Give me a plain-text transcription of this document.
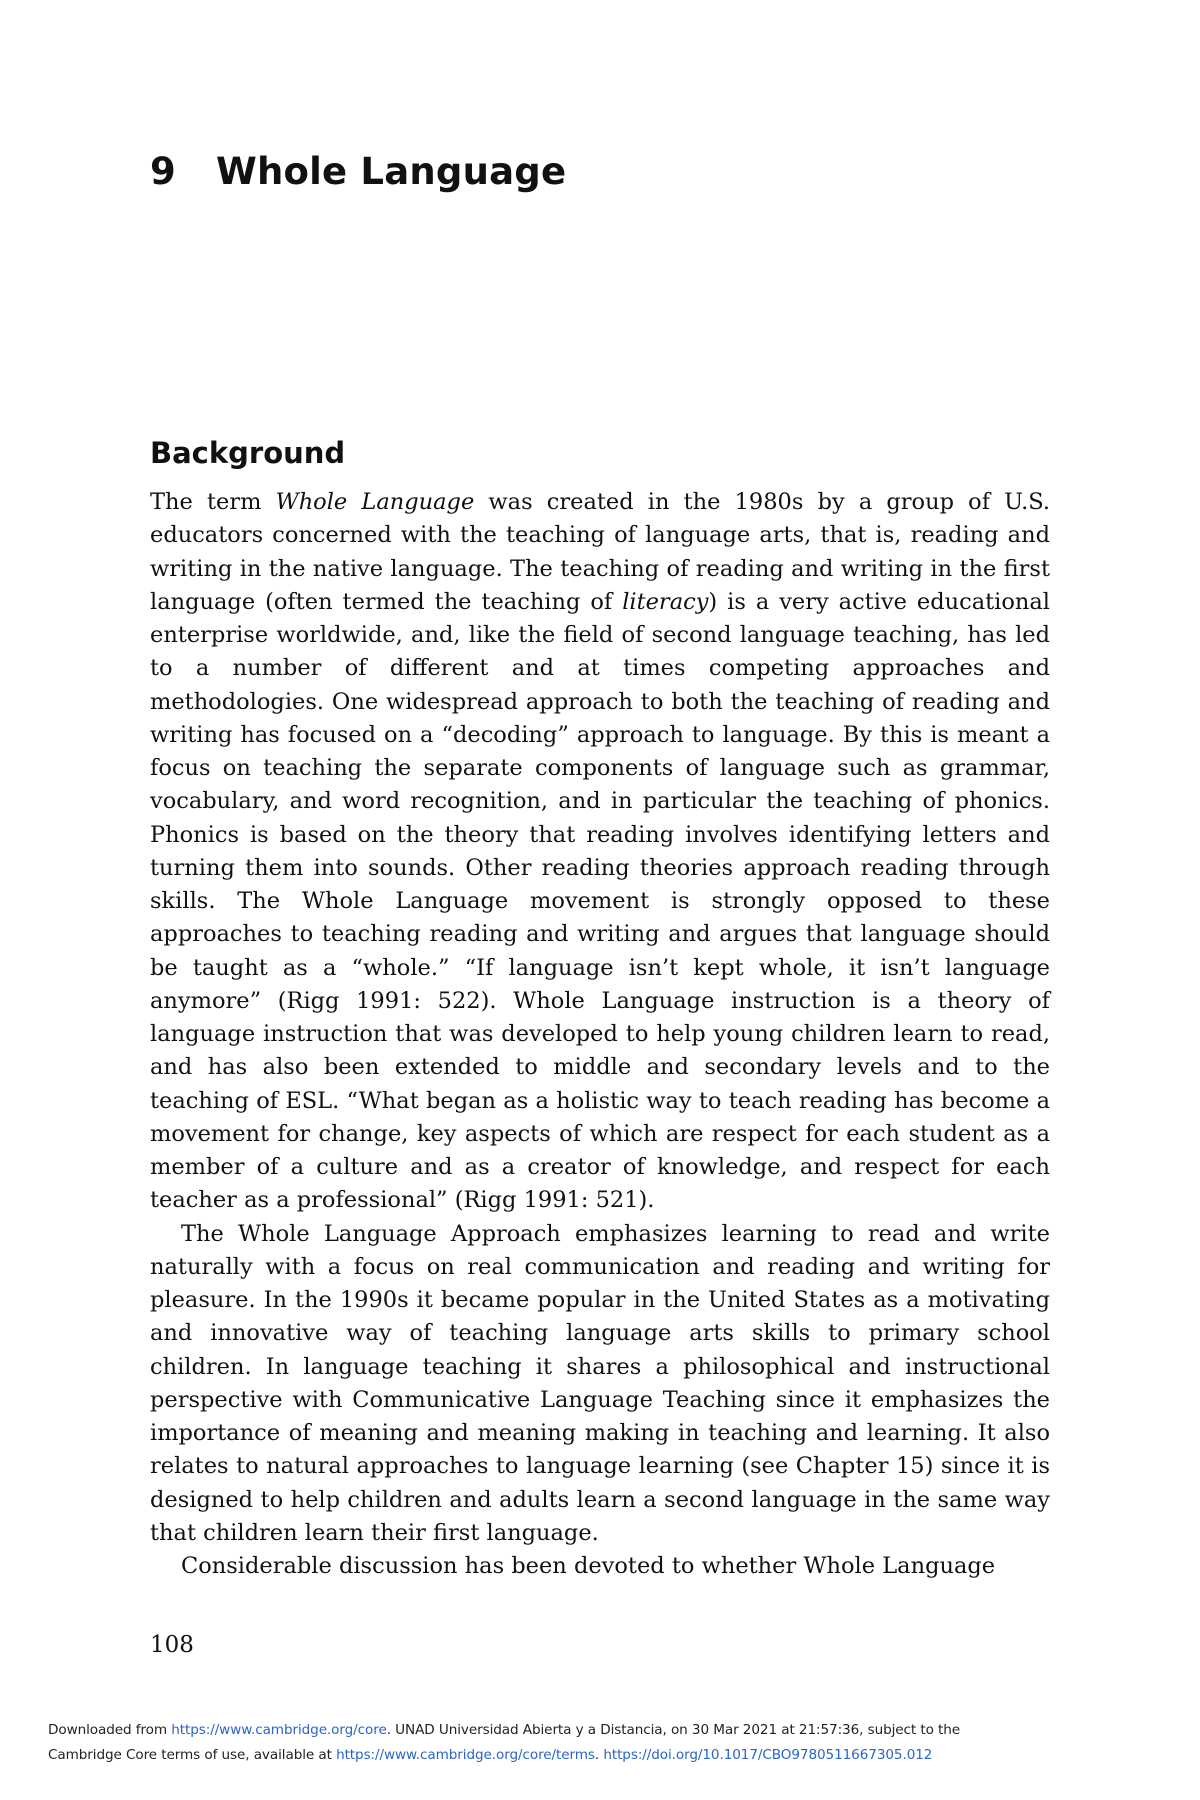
9 Whole Language
Background

The term Whole Language was created in the 1980s by a group of U.S. educators concerned with the teaching of language arts, that is, reading and writing in the native language. The teaching of reading and writing in the first language (often termed the teaching of literacy) is a very active educational enterprise worldwide, and, like the field of second language teaching, has led to a number of different and at times competing approaches and methodologies. One widespread approach to both the teaching of reading and writing has focused on a “decoding” approach to language. By this is meant a focus on teaching the separate components of language such as grammar, vocabulary, and word recognition, and in particular the teaching of phonics. Phonics is based on the theory that reading involves identifying letters and turning them into sounds. Other reading theories approach reading through skills. The Whole Language movement is strongly opposed to these approaches to teaching reading and writing and argues that language should be taught as a “whole.” “If language isn’t kept whole, it isn’t language anymore” (Rigg 1991: 522). Whole Language instruction is a theory of language instruction that was developed to help young children learn to read, and has also been extended to middle and secondary levels and to the teaching of ESL. “What began as a holistic way to teach reading has become a movement for change, key aspects of which are respect for each student as a member of a culture and as a creator of knowledge, and respect for each teacher as a professional” (Rigg 1991: 521).

The Whole Language Approach emphasizes learning to read and write naturally with a focus on real communication and reading and writing for pleasure. In the 1990s it became popular in the United States as a motivating and innovative way of teaching language arts skills to primary school children. In language teaching it shares a philosophical and instructional perspective with Communicative Language Teaching since it emphasizes the importance of meaning and meaning making in teaching and learning. It also relates to natural approaches to language learning (see Chapter 15) since it is designed to help children and adults learn a second language in the same way that children learn their first language.

Considerable discussion has been devoted to whether Whole Language

108
Downloaded from https://www.cambridge.org/core. UNAD Universidad Abierta y a Distancia, on 30 Mar 2021 at 21:57:36, subject to the
Cambridge Core terms of use, available at https://www.cambridge.org/core/terms. https://doi.org/10.1017/CBO9780511667305.012
